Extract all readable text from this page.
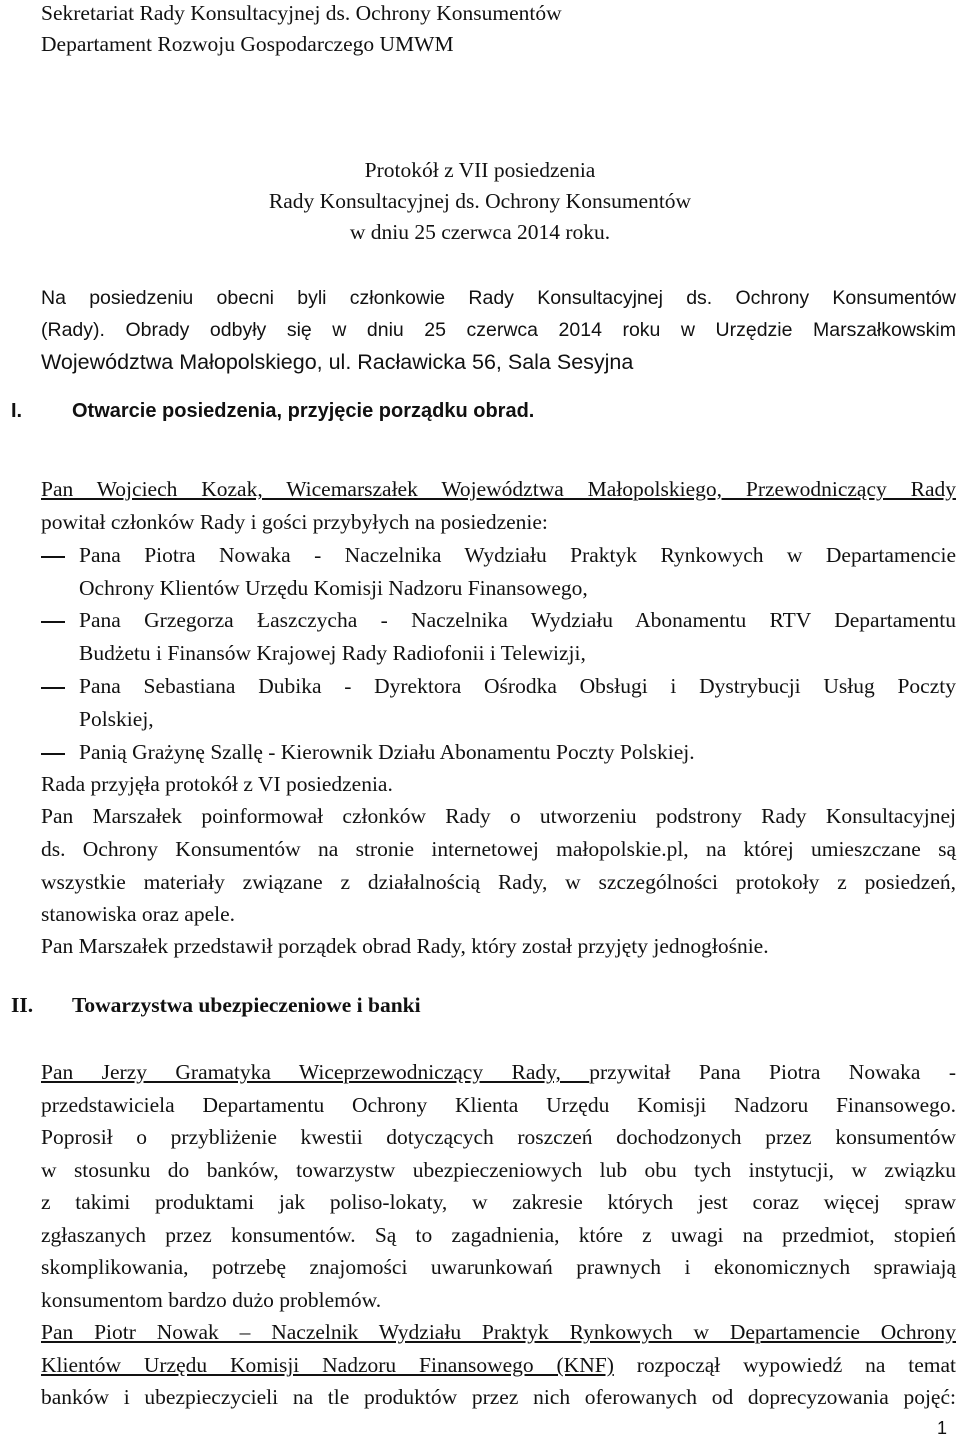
Sekretariat Rady Konsultacyjnej ds. Ochrony Konsumentów
Departament Rozwoju Gospodarczego UMWM
Protokół z VII posiedzenia
Rady Konsultacyjnej ds. Ochrony Konsumentów
w dniu 25 czerwca 2014 roku.
Na posiedzeniu obecni byli członkowie Rady Konsultacyjnej ds. Ochrony Konsumentów
(Rady). Obrady odbyły się w dniu 25 czerwca 2014 roku w Urzędzie Marszałkowskim
Województwa Małopolskiego, ul. Racławicka 56, Sala Sesyjna
I. Otwarcie posiedzenia, przyjęcie porządku obrad.
Pan Wojciech Kozak, Wicemarszałek Województwa Małopolskiego, Przewodniczący Rady
powitał członków Rady i gości przybyłych na posiedzenie:
Pana Piotra Nowaka - Naczelnika Wydziału Praktyk Rynkowych w Departamencie
Ochrony Klientów Urzędu Komisji Nadzoru Finansowego,
Pana Grzegorza Łaszczycha - Naczelnika Wydziału Abonamentu RTV Departamentu
Budżetu i Finansów Krajowej Rady Radiofonii i Telewizji,
Pana Sebastiana Dubika - Dyrektora Ośrodka Obsługi i Dystrybucji Usług Poczty
Polskiej,
Panią Grażynę Szallę - Kierownik Działu Abonamentu Poczty Polskiej.
Rada przyjęła protokół z VI posiedzenia.
Pan Marszałek poinformował członków Rady o utworzeniu podstrony Rady Konsultacyjnej
ds. Ochrony Konsumentów na stronie internetowej małopolskie.pl, na której umieszczane są
wszystkie materiały związane z działalnością Rady, w szczególności protokoły z posiedzeń,
stanowiska oraz apele.
Pan Marszałek przedstawił porządek obrad Rady, który został przyjęty jednogłośnie.
II. Towarzystwa ubezpieczeniowe i banki
Pan Jerzy Gramatyka Wiceprzewodniczący Rady, przywitał Pana Piotra Nowaka -
przedstawiciela Departamentu Ochrony Klienta Urzędu Komisji Nadzoru Finansowego.
Poprosił o przybliżenie kwestii dotyczących roszczeń dochodzonych przez konsumentów
w stosunku do banków, towarzystw ubezpieczeniowych lub obu tych instytucji, w związku
z takimi produktami jak poliso-lokaty, w zakresie których jest coraz więcej spraw
zgłaszanych przez konsumentów. Są to zagadnienia, które z uwagi na przedmiot, stopień
skomplikowania, potrzebę znajomości uwarunkowań prawnych i ekonomicznych sprawiają
konsumentom bardzo dużo problemów.
Pan Piotr Nowak – Naczelnik Wydziału Praktyk Rynkowych w Departamencie Ochrony
Klientów Urzędu Komisji Nadzoru Finansowego (KNF) rozpoczął wypowiedź na temat
banków i ubezpieczycieli na tle produktów przez nich oferowanych od doprecyzowania pojęć:
1
